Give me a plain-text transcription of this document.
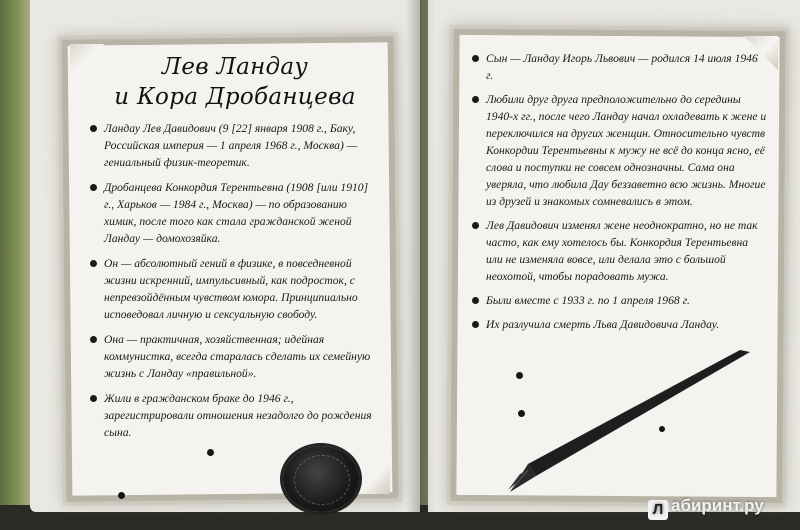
Лев Ландау
и Кора Дробанцева
Ландау Лев Давидович (9 [22] января 1908 г., Баку, Российская империя — 1 апреля 1968 г., Москва) — гениальный физик-теоретик.
Дробанцева Конкордия Терентьевна (1908 [или 1910] г., Харьков — 1984 г., Москва) — по образованию химик, после того как стала гражданской женой Ландау — домохозяйка.
Он — абсолютный гений в физике, в повседневной жизни искренний, импульсивный, как подросток, с непревзойдённым чувством юмора. Принципиально исповедовал личную и сексуальную свободу.
Она — практичная, хозяйственная; идейная коммунистка, всегда старалась сделать их семейную жизнь с Ландау «правильной».
Жили в гражданском браке до 1946 г., зарегистрировали отношения незадолго до рождения сына.
Сын — Ландау Игорь Львович — родился 14 июля 1946 г.
Любили друг друга предположительно до середины 1940-х гг., после чего Ландау начал охладевать к жене и переключился на других женщин. Относительно чувств Конкордии Терентьевны к мужу не всё до конца ясно, её слова и поступки не совсем однозначны. Сама она уверяла, что любила Дау беззаветно всю жизнь. Многие из друзей и знакомых сомневались в этом.
Лев Давидович изменял жене неоднократно, но не так часто, как ему хотелось бы. Конкордия Терентьевна или не изменяла вовсе, или делала это с большой неохотой, чтобы порадовать мужа.
Были вместе с 1933 г. по 1 апреля 1968 г.
Их разлучила смерть Льва Давидовича Ландау.
Л абиринт.ру
